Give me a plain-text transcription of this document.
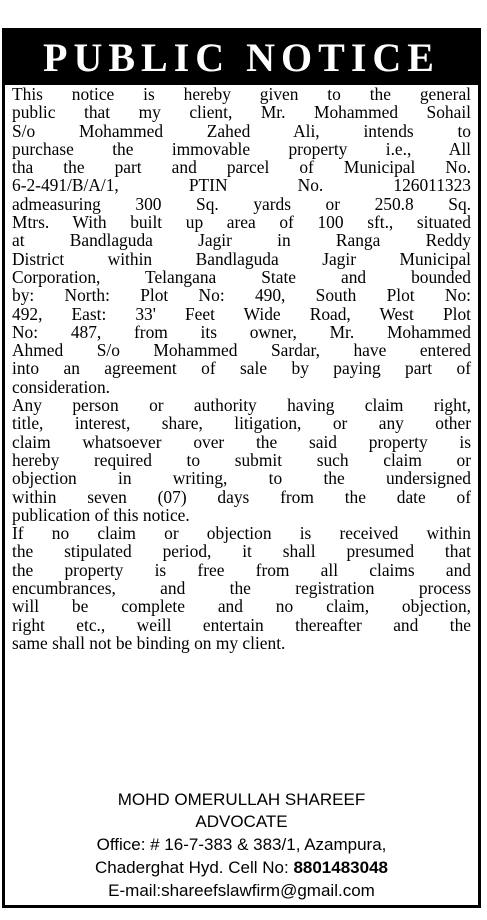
PUBLIC NOTICE
This notice is hereby given to the general
public that my client, Mr. Mohammed Sohail
S/o Mohammed Zahed Ali, intends to
purchase the immovable property i.e., All
tha the part and parcel of Municipal No.
6-2-491/B/A/1, PTIN No. 126011323
admeasuring 300 Sq. yards or 250.8 Sq.
Mtrs. With built up area of 100 sft., situated
at Bandlaguda Jagir in Ranga Reddy
District within Bandlaguda Jagir Municipal
Corporation, Telangana State and bounded
by: North: Plot No: 490, South Plot No:
492, East: 33' Feet Wide Road, West Plot
No: 487, from its owner, Mr. Mohammed
Ahmed S/o Mohammed Sardar, have entered
into an agreement of sale by paying part of
consideration.
Any person or authority having claim right,
title, interest, share, litigation, or any other
claim whatsoever over the said property is
hereby required to submit such claim or
objection in writing, to the undersigned
within seven (07) days from the date of
publication of this notice.
If no claim or objection is received within
the stipulated period, it shall presumed that
the property is free from all claims and
encumbrances, and the registration process
will be complete and no claim, objection,
right etc., weill entertain thereafter and the
same shall not be binding on my client.
MOHD OMERULLAH SHAREEF
ADVOCATE
Office: # 16-7-383 & 383/1, Azampura,
Chaderghat Hyd. Cell No: 8801483048
E-mail:shareefslawfirm@gmail.com
